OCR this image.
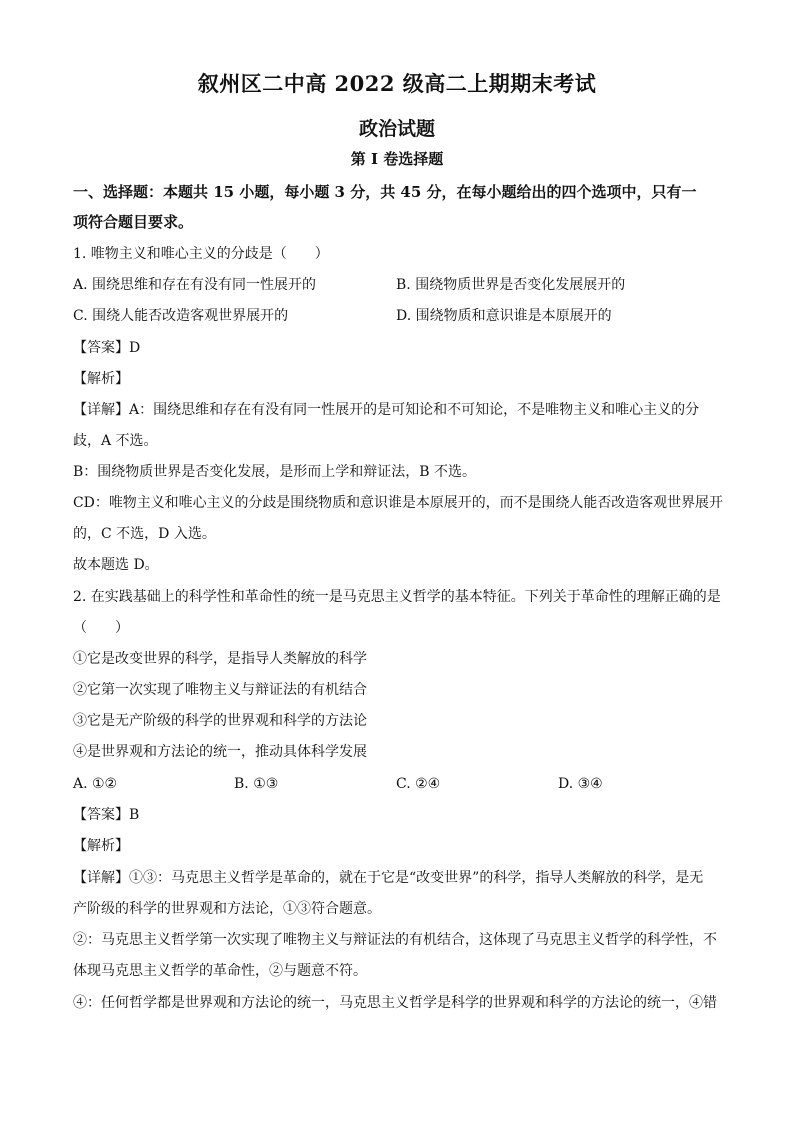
叙州区二中高 2022 级高二上期期末考试
政治试题
第 I 卷选择题
一、选择题：本题共 15 小题，每小题 3 分，共 45 分，在每小题给出的四个选项中，只有一
项符合题目要求。
1. 唯物主义和唯心主义的分歧是（　　）
A. 围绕思维和存在有没有同一性展开的	B. 围绕物质世界是否变化发展展开的
C. 围绕人能否改造客观世界展开的	D. 围绕物质和意识谁是本原展开的
【答案】D
【解析】
【详解】A：围绕思维和存在有没有同一性展开的是可知论和不可知论，不是唯物主义和唯心主义的分
歧，A 不选。
B：围绕物质世界是否变化发展，是形而上学和辩证法，B 不选。
CD：唯物主义和唯心主义的分歧是围绕物质和意识谁是本原展开的，而不是围绕人能否改造客观世界展开
的，C 不选，D 入选。
故本题选 D。
2. 在实践基础上的科学性和革命性的统一是马克思主义哲学的基本特征。下列关于革命性的理解正确的是
（　　）
①它是改变世界的科学，是指导人类解放的科学
②它第一次实现了唯物主义与辩证法的有机结合
③它是无产阶级的科学的世界观和科学的方法论
④是世界观和方法论的统一，推动具体科学发展
A. ①②	B. ①③	C. ②④	D. ③④
【答案】B
【解析】
【详解】①③：马克思主义哲学是革命的，就在于它是“改变世界”的科学，指导人类解放的科学，是无
产阶级的科学的世界观和方法论，①③符合题意。
②：马克思主义哲学第一次实现了唯物主义与辩证法的有机结合，这体现了马克思主义哲学的科学性，不
体现马克思主义哲学的革命性，②与题意不符。
④：任何哲学都是世界观和方法论的统一，马克思主义哲学是科学的世界观和科学的方法论的统一，④错
